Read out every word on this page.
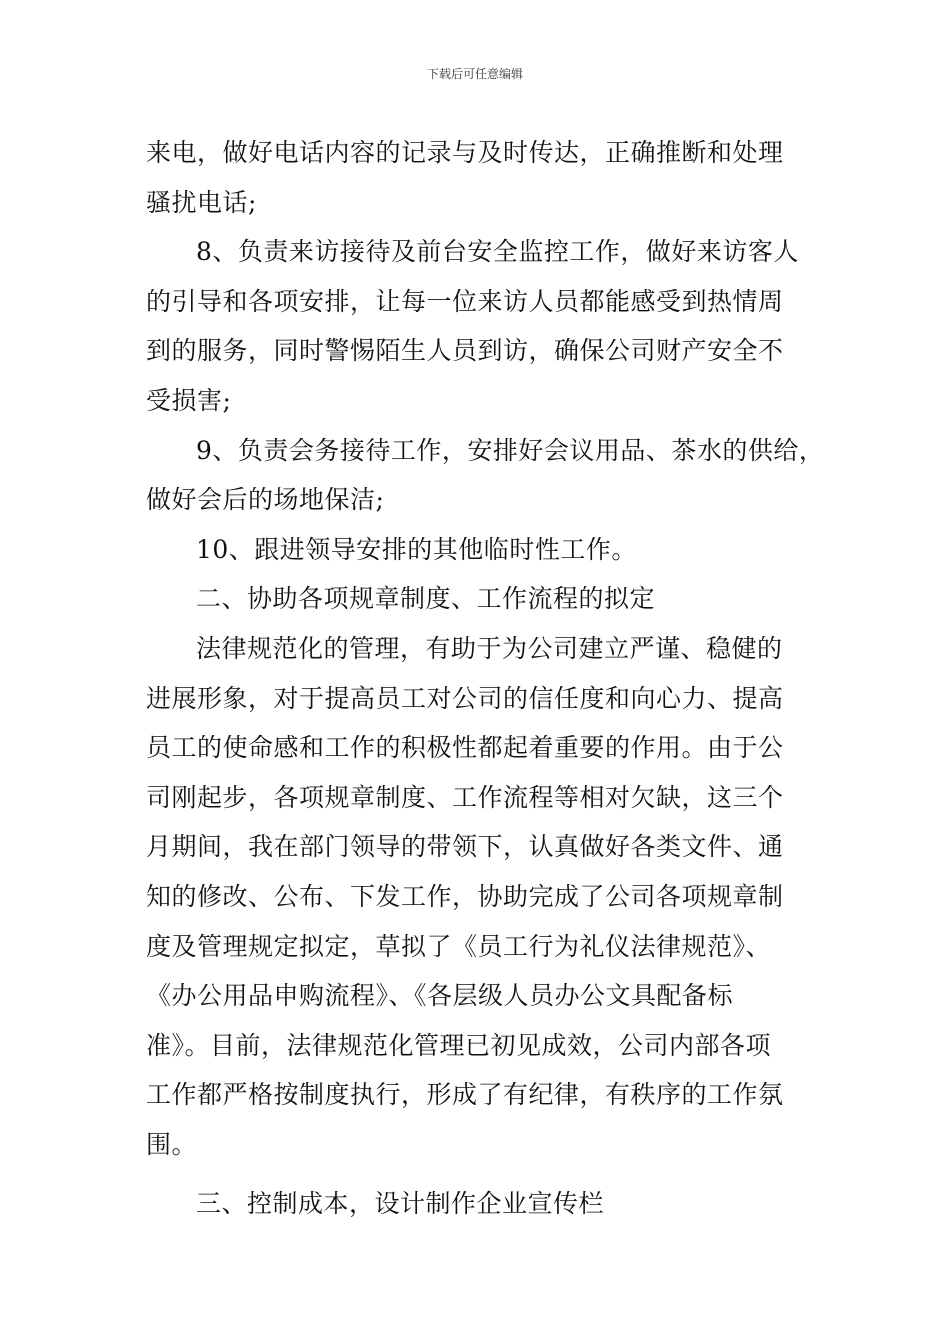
下载后可任意编辑
来电，做好电话内容的记录与及时传达，正确推断和处理
骚扰电话;
8、负责来访接待及前台安全监控工作，做好来访客人
的引导和各项安排，让每一位来访人员都能感受到热情周
到的服务，同时警惕陌生人员到访，确保公司财产安全不
受损害;
9、负责会务接待工作，安排好会议用品、茶水的供给，
做好会后的场地保洁;
10、跟进领导安排的其他临时性工作。
二、协助各项规章制度、工作流程的拟定
法律规范化的管理，有助于为公司建立严谨、稳健的
进展形象，对于提高员工对公司的信任度和向心力、提高
员工的使命感和工作的积极性都起着重要的作用。由于公
司刚起步，各项规章制度、工作流程等相对欠缺，这三个
月期间，我在部门领导的带领下，认真做好各类文件、通
知的修改、公布、下发工作，协助完成了公司各项规章制
度及管理规定拟定，草拟了《员工行为礼仪法律规范》、
《办公用品申购流程》、《各层级人员办公文具配备标
准》。目前，法律规范化管理已初见成效，公司内部各项
工作都严格按制度执行，形成了有纪律，有秩序的工作氛
围。
三、控制成本，设计制作企业宣传栏
